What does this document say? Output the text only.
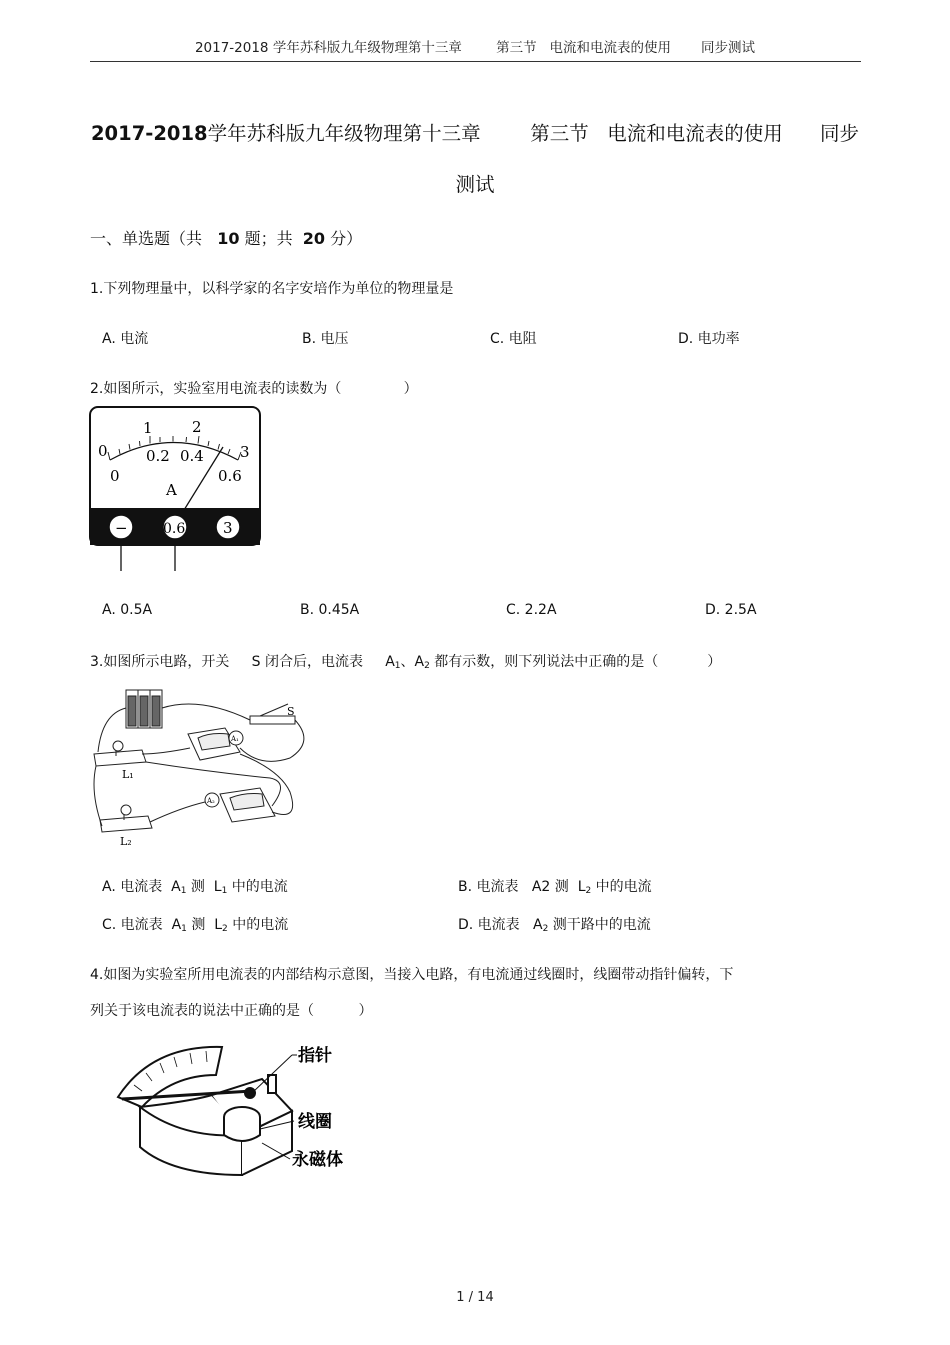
2017-2018 学年苏科版九年级物理第十三章        第三节   电流和电流表的使用       同步测试
2017-2018学年苏科版九年级物理第十三章        第三节   电流和电流表的使用      同步
测试
一、单选题（共   10 题；共  20 分）
1.下列物理量中，以科学家的名字安培作为单位的物理量是
A. 电流	B. 电压	C. 电阻	D. 电功率
2.如图所示，实验室用电流表的读数为（              ）
1	2
0	3
0
0.2 0.4
0.6
A
−	0.6	3
A. 0.5A	B. 0.45A	C. 2.2A	D. 2.5A
3.如图所示电路，开关     S 闭合后，电流表     $A_1$、$A_2$ 都有示数，则下列说法中正确的是（           ）
S
A₁
A₂
L₁
L₂
A. 电流表  $A_1$ 测  $L_1$ 中的电流	B. 电流表   A2 测  $L_2$ 中的电流
C. 电流表  $A_1$ 测  $L_2$ 中的电流	D. 电流表   $A_2$ 测干路中的电流
4.如图为实验室所用电流表的内部结构示意图，当接入电路，有电流通过线圈时，线圈带动指针偏转，下
列关于该电流表的说法中正确的是（          ）
指针
线圈
永磁体
1 / 14
